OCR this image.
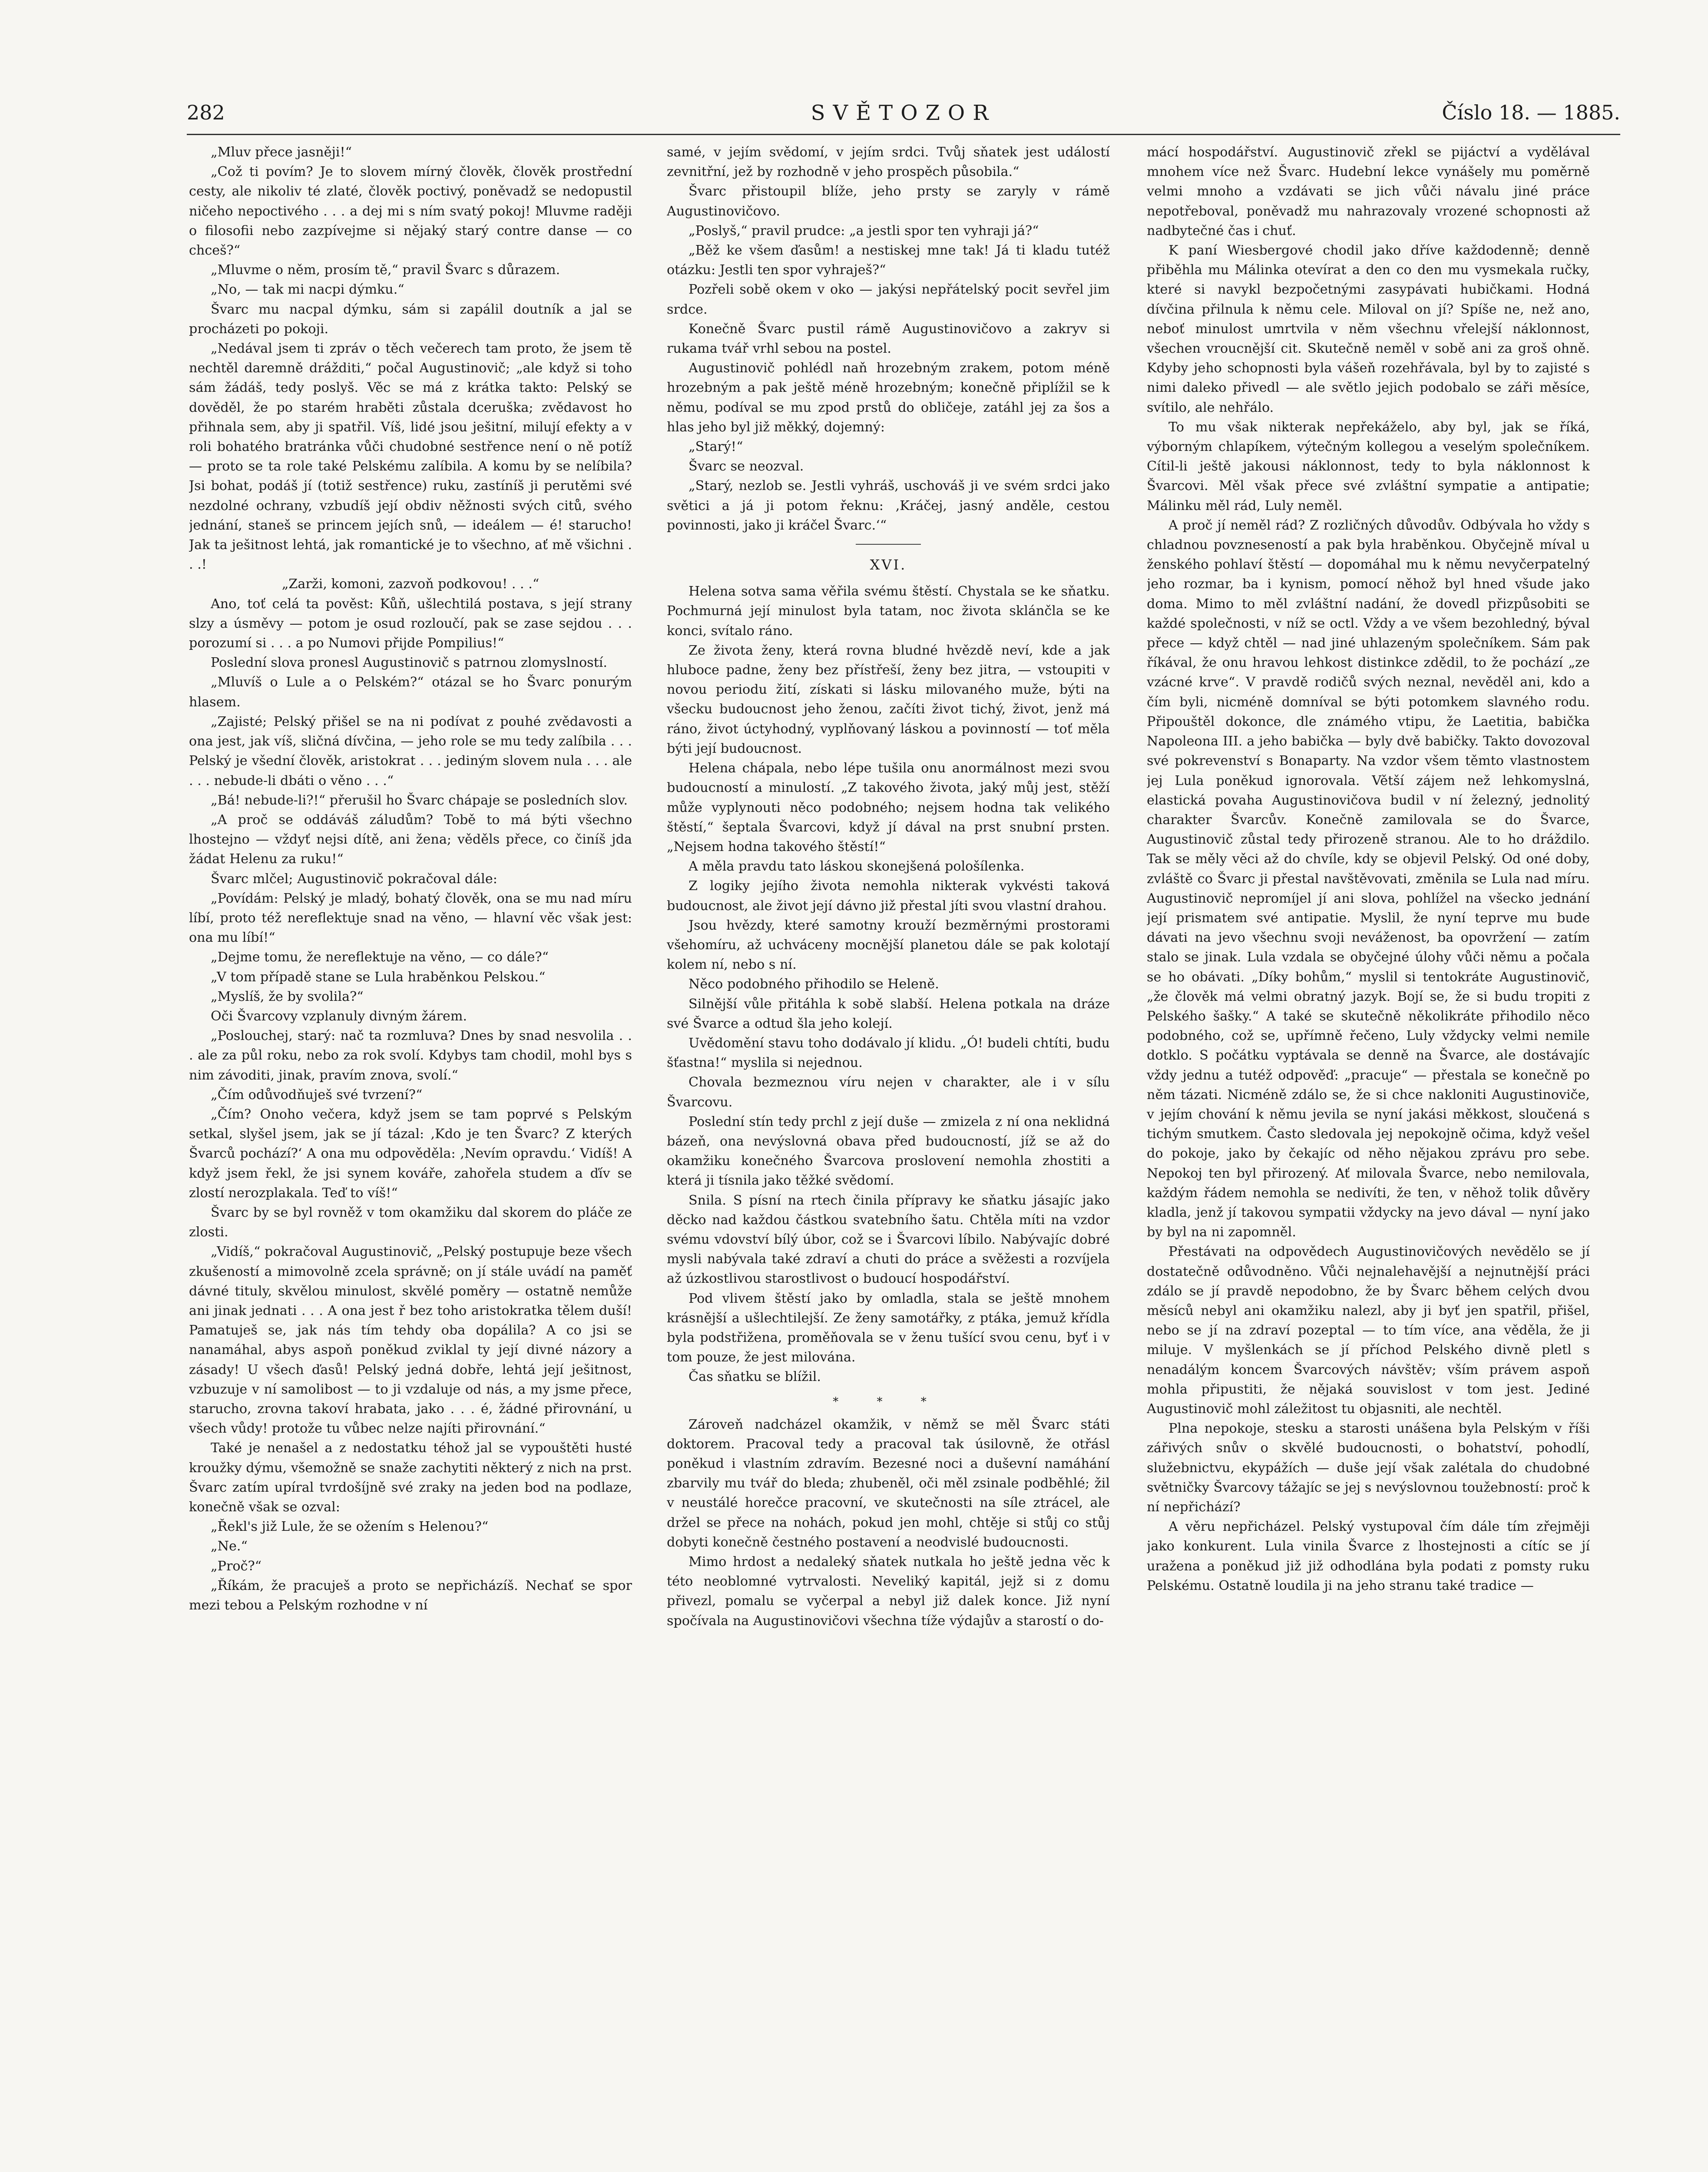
282	SVĚTOZOR	Číslo 18. — 1885.

„Mluv přece jasněji!“

„Což ti povím? Je to slovem mírný člověk, člověk prostřední cesty, ale nikoliv té zlaté, člověk poctivý, poněvadž se nedopustil ničeho nepoctivého . . . a dej mi s ním svatý pokoj! Mluvme raději o filosofii nebo zazpívejme si nějaký starý contre danse — co chceš?“

„Mluvme o něm, prosím tě,“ pravil Švarc s důrazem.

„No, — tak mi nacpi dýmku.“

Švarc mu nacpal dýmku, sám si zapálil doutník a jal se procházeti po pokoji.

„Nedával jsem ti zpráv o těch večerech tam proto, že jsem tě nechtěl daremně drážditi,“ počal Augustinovič; „ale když si toho sám žádáš, tedy poslyš. Věc se má z krátka takto: Pelský se dověděl, že po starém hraběti zůstala dceruška; zvědavost ho přihnala sem, aby ji spatřil. Víš, lidé jsou ješitní, milují efekty a v roli bohatého bratránka vůči chudobné sestřence není o ně potíž — proto se ta role také Pelskému zalíbila. A komu by se nelíbila? Jsi bohat, podáš jí (totiž sestřence) ruku, zastíníš ji perutěmi své nezdolné ochrany, vzbudíš její obdiv něžnosti svých citů, svého jednání, staneš se princem jejích snů, — ideálem — é! starucho! Jak ta ješitnost lehtá, jak romantické je to všechno, ať mě všichni . . .!

„Zarži, komoni, zazvoň podkovou! . . .“

Ano, toť celá ta pověst: Kůň, ušlechtilá postava, s její strany slzy a úsměvy — potom je osud rozloučí, pak se zase sejdou . . . porozumí si . . . a po Numovi přijde Pompilius!“

Poslední slova pronesl Augustinovič s patrnou zlomyslností.

„Mluvíš o Lule a o Pelském?“ otázal se ho Švarc ponurým hlasem.

„Zajisté; Pelský přišel se na ni podívat z pouhé zvědavosti a ona jest, jak víš, sličná dívčina, — jeho role se mu tedy zalíbila . . . Pelský je všední člověk, aristokrat . . . jediným slovem nula . . . ale . . . nebude-li dbáti o věno . . .“

„Bá! nebude-li?!“ přerušil ho Švarc chápaje se posledních slov.

„A proč se oddáváš záludům? Tobě to má býti všechno lhostejno — vždyť nejsi dítě, ani žena; věděls přece, co činíš jda žádat Helenu za ruku!“

Švarc mlčel; Augustinovič pokračoval dále:

„Povídám: Pelský je mladý, bohatý člověk, ona se mu nad míru líbí, proto též nereflektuje snad na věno, — hlavní věc však jest: ona mu líbí!“

„Dejme tomu, že nereflektuje na věno, — co dále?“

„V tom případě stane se Lula hraběnkou Pelskou.“

„Myslíš, že by svolila?“

Oči Švarcovy vzplanuly divným žárem.

„Poslouchej, starý: nač ta rozmluva? Dnes by snad nesvolila . . . ale za půl roku, nebo za rok svolí. Kdybys tam chodil, mohl bys s nim závoditi, jinak, pravím znova, svolí.“

„Čím odůvodňuješ své tvrzení?“

„Čím? Onoho večera, když jsem se tam poprvé s Pelským setkal, slyšel jsem, jak se jí tázal: ,Kdo je ten Švarc? Z kterých Švarců pochází?‘ A ona mu odpověděla: ,Nevím opravdu.‘ Vidíš! A když jsem řekl, že jsi synem kováře, zahořela studem a ďív se zlostí nerozplakala. Teď to víš!“

Švarc by se byl rovněž v tom okamžiku dal skorem do pláče ze zlosti.

„Vidíš,“ pokračoval Augustinovič, „Pelský postupuje beze všech zkušeností a mimovolně zcela správně; on jí stále uvádí na paměť dávné tituly, skvělou minulost, skvělé poměry — ostatně nemůže ani jinak jednati . . . A ona jest ř bez toho aristokratka tělem duší! Pamatuješ se, jak nás tím tehdy oba dopálila? A co jsi se nanamáhal, abys aspoň poněkud zviklal ty její divné názory a zásady! U všech ďasů! Pelský jedná dobře, lehtá její ješitnost, vzbuzuje v ní samolibost — to ji vzdaluje od nás, a my jsme přece, starucho, zrovna takoví hrabata, jako . . . é, žádné přirovnání, u všech vůdy! protože tu vůbec nelze najíti přirovnání.“

Také je nenašel a z nedostatku téhož jal se vypouštěti husté kroužky dýmu, všemožně se snaže zachytiti některý z nich na prst. Švarc zatím upíral tvrdošíjně své zraky na jeden bod na podlaze, konečně však se ozval:

„Řekl's již Lule, že se ožením s Helenou?“

„Ne.“

„Proč?“

„Říkám, že pracuješ a proto se nepřicházíš. Nechať se spor mezi tebou a Pelským rozhodne v ní

samé, v jejím svědomí, v jejím srdci. Tvůj sňatek jest událostí zevnitřní, jež by rozhodně v jeho prospěch působila.“

Švarc přistoupil blíže, jeho prsty se zaryly v rámě Augustinovičovo.

„Poslyš,“ pravil prudce: „a jestli spor ten vyhraji já?“

„Běž ke všem ďasům! a nestiskej mne tak! Já ti kladu tutéž otázku: Jestli ten spor vyhraješ?“

Pozřeli sobě okem v oko — jakýsi nepřátelský pocit sevřel jim srdce.

Konečně Švarc pustil rámě Augustinovičovo a zakryv si rukama tvář vrhl sebou na postel.

Augustinovič pohlédl naň hrozebným zrakem, potom méně hrozebným a pak ještě méně hrozebným; konečně připlížil se k němu, podíval se mu zpod prstů do obličeje, zatáhl jej za šos a hlas jeho byl již měkký, dojemný:

„Starý!“

Švarc se neozval.

„Starý, nezlob se. Jestli vyhráš, uschováš ji ve svém srdci jako světici a já ji potom řeknu: ,Kráčej, jasný anděle, cestou povinnosti, jako ji kráčel Švarc.‘“

XVI.

Helena sotva sama věřila svému štěstí. Chystala se ke sňatku. Pochmurná její minulost byla tatam, noc života sklánčla se ke konci, svítalo ráno.

Ze života ženy, která rovna bludné hvězdě neví, kde a jak hluboce padne, ženy bez přístřeší, ženy bez jitra, — vstoupiti v novou periodu žití, získati si lásku milovaného muže, býti na všecku budoucnost jeho ženou, začíti život tichý, život, jenž má ráno, život úctyhodný, vyplňovaný láskou a povinností — toť měla býti její budoucnost.

Helena chápala, nebo lépe tušila onu anormálnost mezi svou budoucností a minulostí. „Z takového života, jaký můj jest, stěží může vyplynouti něco podobného; nejsem hodna tak velikého štěstí,“ šeptala Švarcovi, když jí dával na prst snubní prsten. „Nejsem hodna takového štěstí!“

A měla pravdu tato láskou skonejšená pološílenka.

Z logiky jejího života nemohla nikterak vykvésti taková budoucnost, ale život její dávno již přestal jíti svou vlastní drahou.

Jsou hvězdy, které samotny krouží bezměrnými prostorami všehomíru, až uchváceny mocnější planetou dále se pak kolotají kolem ní, nebo s ní.

Něco podobného přihodilo se Heleně.

Silnější vůle přitáhla k sobě slabší. Helena potkala na dráze své Švarce a odtud šla jeho kolejí.

Uvědomění stavu toho dodávalo jí klidu. „Ó! budeli chtíti, budu šťastna!“ myslila si nejednou.

Chovala bezmeznou víru nejen v charakter, ale i v sílu Švarcovu.

Poslední stín tedy prchl z její duše — zmizela z ní ona neklidná bázeň, ona nevýslovná obava před budoucností, jíž se až do okamžiku konečného Švarcova proslovení nemohla zhostiti a která ji tísnila jako těžké svědomí.

Snila. S písní na rtech činila přípravy ke sňatku jásajíc jako děcko nad každou částkou svatebního šatu. Chtěla míti na vzdor svému vdovství bílý úbor, což se i Švarcovi líbilo. Nabývajíc dobré mysli nabývala také zdraví a chuti do práce a svěžesti a rozvíjela až úzkostlivou starostlivost o budoucí hospodářství.

Pod vlivem štěstí jako by omladla, stala se ještě mnohem krásnější a ušlechtilejší. Ze ženy samotářky, z ptáka, jemuž křídla byla podstřižena, proměňovala se v ženu tušící svou cenu, byť i v tom pouze, že jest milována.

Čas sňatku se blížil.

* * *

Zároveň nadcházel okamžik, v němž se měl Švarc státi doktorem. Pracoval tedy a pracoval tak úsilovně, že otřásl poněkud i vlastním zdravím. Bezesné noci a duševní namáhání zbarvily mu tvář do bleda; zhubeněl, oči měl zsinale podběhlé; žil v neustálé horečce pracovní, ve skutečnosti na síle ztrácel, ale držel se přece na nohách, pokud jen mohl, chtěje si stůj co stůj dobyti konečně čestného postavení a neodvislé budoucnosti.

Mimo hrdost a nedaleký sňatek nutkala ho ještě jedna věc k této neoblomné vytrvalosti. Neveliký kapitál, jejž si z domu přivezl, pomalu se vyčerpal a nebyl již dalek konce. Již nyní spočívala na Augustinovičovi všechna tíže výdajův a starostí o do-

mácí hospodářství. Augustinovič zřekl se pijáctví a vydělával mnohem více než Švarc. Hudební lekce vynášely mu poměrně velmi mnoho a vzdávati se jich vůči návalu jiné práce nepotřeboval, poněvadž mu nahrazovaly vrozené schopnosti až nadbytečné čas i chuť.

K paní Wiesbergové chodil jako dříve každodenně; denně přiběhla mu Málinka otevírat a den co den mu vysmekala ručky, které si navykl bezpočetnými zasypávati hubičkami. Hodná dívčina přilnula k němu cele. Miloval on jí? Spíše ne, než ano, neboť minulost umrtvila v něm všechnu vřelejší náklonnost, všechen vroucnější cit. Skutečně neměl v sobě ani za groš ohně. Kdyby jeho schopnosti byla vášeň rozehřávala, byl by to zajisté s nimi daleko přivedl — ale světlo jejich podobalo se záři měsíce, svítilo, ale nehřálo.

To mu však nikterak nepřekáželo, aby byl, jak se říká, výborným chlapíkem, výtečným kollegou a veselým společníkem. Cítil-li ještě jakousi náklonnost, tedy to byla náklonnost k Švarcovi. Měl však přece své zvláštní sympatie a antipatie; Málinku měl rád, Luly neměl.

A proč jí neměl rád? Z rozličných důvodův. Odbývala ho vždy s chladnou povzneseností a pak byla hraběnkou. Obyčejně míval u ženského pohlaví štěstí — dopomáhal mu k němu nevyčerpatelný jeho rozmar, ba i kynism, pomocí něhož byl hned všude jako doma. Mimo to měl zvláštní nadání, že dovedl přizpůsobiti se každé společnosti, v níž se octl. Vždy a ve všem bezohledný, býval přece — když chtěl — nad jiné uhlazeným společníkem. Sám pak říkával, že onu hravou lehkost distinkce zdědil, to že pochází „ze vzácné krve“. V pravdě rodičů svých neznal, nevěděl ani, kdo a čím byli, nicméně domníval se býti potomkem slavného rodu. Připouštěl dokonce, dle známého vtipu, že Laetitia, babička Napoleona III. a jeho babička — byly dvě babičky. Takto dovozoval své pokrevenství s Bonaparty. Na vzdor všem těmto vlastnostem jej Lula poněkud ignorovala. Větší zájem než lehkomyslná, elastická povaha Augustinovičova budil v ní železný, jednolitý charakter Švarcův. Konečně zamilovala se do Švarce, Augustinovič zůstal tedy přirozeně stranou. Ale to ho dráždilo. Tak se měly věci až do chvíle, kdy se objevil Pelský. Od oné doby, zvláště co Švarc ji přestal navštěvovati, změnila se Lula nad míru. Augustinovič nepromíjel jí ani slova, pohlížel na všecko jednání její prismatem své antipatie. Myslil, že nyní teprve mu bude dávati na jevo všechnu svoji neváženost, ba opovržení — zatím stalo se jinak. Lula vzdala se obyčejné úlohy vůči němu a počala se ho obávati. „Díky bohům,“ myslil si tentokráte Augustinovič, „že člověk má velmi obratný jazyk. Bojí se, že si budu tropiti z Pelského šašky.“ A také se skutečně několikráte přihodilo něco podobného, což se, upřímně řečeno, Luly vždycky velmi nemile dotklo. S počátku vyptávala se denně na Švarce, ale dostávajíc vždy jednu a tutéž odpověď: „pracuje“ — přestala se konečně po něm tázati. Nicméně zdálo se, že si chce nakloniti Augustinoviče, v jejím chování k němu jevila se nyní jakási měkkost, sloučená s tichým smutkem. Často sledovala jej nepokojně očima, když vešel do pokoje, jako by čekajíc od něho nějakou zprávu pro sebe. Nepokoj ten byl přirozený. Ať milovala Švarce, nebo nemilovala, každým řádem nemohla se nedivíti, že ten, v něhož tolik důvěry kladla, jenž jí takovou sympatii vždycky na jevo dával — nyní jako by byl na ni zapomněl.

Přestávati na odpovědech Augustinovičových nevědělo se jí dostatečně odůvodněno. Vůči nejnalehavější a nejnutnější práci zdálo se jí pravdě nepodobno, že by Švarc během celých dvou měsíců nebyl ani okamžiku nalezl, aby ji byť jen spatřil, přišel, nebo se jí na zdraví pozeptal — to tím více, ana věděla, že ji miluje. V myšlenkách se jí příchod Pelského divně pletl s nenadálým koncem Švarcových návštěv; vším právem aspoň mohla připustiti, že nějaká souvislost v tom jest. Jediné Augustinovič mohl záležitost tu objasniti, ale nechtěl.

Plna nepokoje, stesku a starosti unášena byla Pelským v říši zářivých snův o skvělé budoucnosti, o bohatství, pohodlí, služebnictvu, ekypážích — duše její však zalétala do chudobné světničky Švarcovy tážajíc se jej s nevýslovnou toužebností: proč k ní nepřichází?

A věru nepřicházel. Pelský vystupoval čím dále tím zřejměji jako konkurent. Lula vinila Švarce z lhostejnosti a cítíc se jí uražena a poněkud již již odhodlána byla podati z pomsty ruku Pelskému. Ostatně loudila ji na jeho stranu také tradice —
